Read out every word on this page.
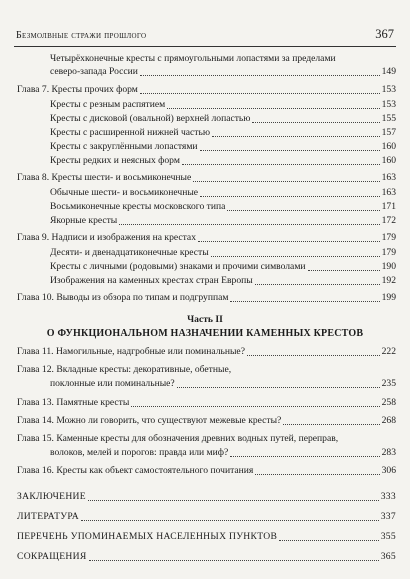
Безмолвные стражи прошлого	367
Четырёхконечные кресты с прямоугольными лопастями за пределами
северо-запада России	149
Глава 7. Кресты прочих форм	153
Кресты с резным распятием	153
Кресты с дисковой (овальной) верхней лопастью	155
Кресты с расширенной нижней частью	157
Кресты с закруглёнными лопастями	160
Кресты редких и неясных форм	160
Глава 8. Кресты шести- и восьмиконечные	163
Обычные шести- и восьмиконечные	163
Восьмиконечные кресты московского типа	171
Якорные кресты	172
Глава 9. Надписи и изображения на крестах	179
Десяти- и двенадцатиконечные кресты	179
Кресты с личными (родовыми) знаками и прочими символами	190
Изображения на каменных крестах стран Европы	192
Глава 10. Выводы из обзора по типам и подгруппам	199
Часть II
О ФУНКЦИОНАЛЬНОМ НАЗНАЧЕНИИ КАМЕННЫХ КРЕСТОВ
Глава 11. Намогильные, надгробные или поминальные?	222
Глава 12. Вкладные кресты: декоративные, обетные,
поклонные или поминальные?	235
Глава 13. Памятные кресты	258
Глава 14. Можно ли говорить, что существуют межевые кресты?	268
Глава 15. Каменные кресты для обозначения древних водных путей, переправ,
волоков, мелей и порогов: правда или миф?	283
Глава 16. Кресты как объект самостоятельного почитания	306
ЗАКЛЮЧЕНИЕ	333
ЛИТЕРАТУРА	337
ПЕРЕЧЕНЬ УПОМИНАЕМЫХ НАСЕЛЕННЫХ ПУНКТОВ	355
СОКРАЩЕНИЯ	365
